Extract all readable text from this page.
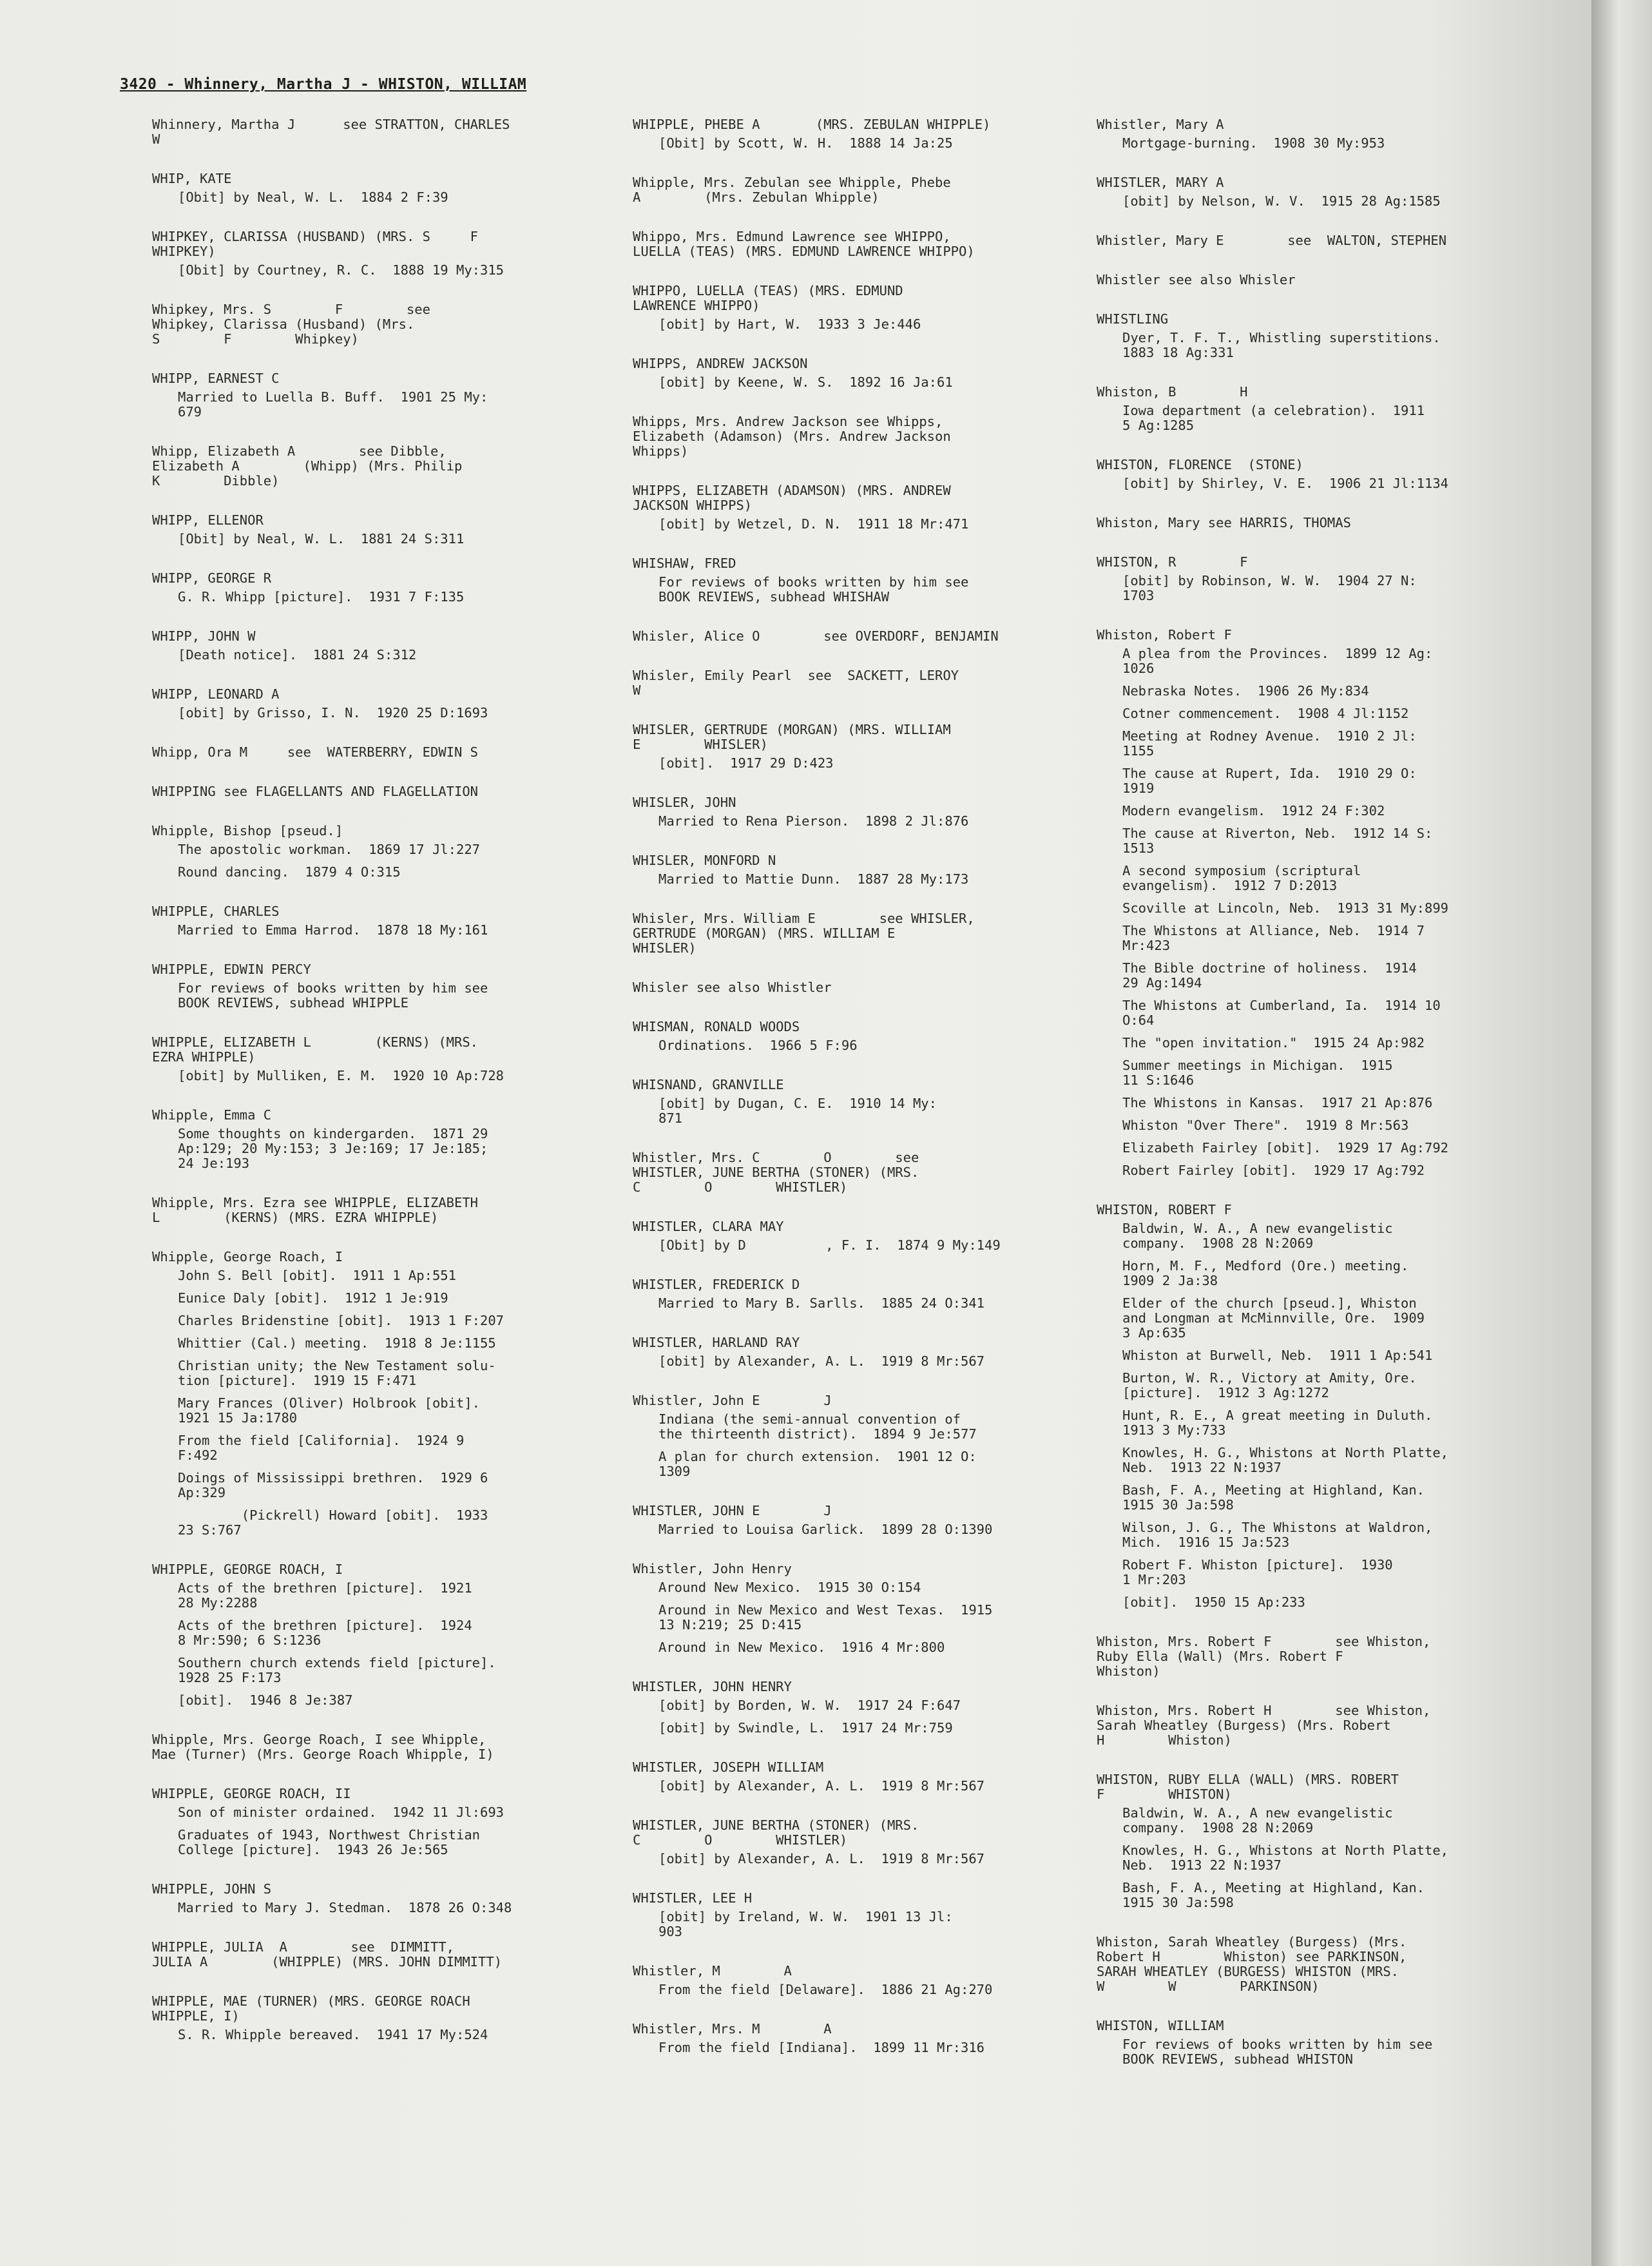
3420 - Whinnery, Martha J - WHISTON, WILLIAM
Whinnery, Martha J      see STRATTON, CHARLES
W
WHIP, KATE
[Obit] by Neal, W. L.  1884 2 F:39
WHIPKEY, CLARISSA (HUSBAND) (MRS. S     F
WHIPKEY)
[Obit] by Courtney, R. C.  1888 19 My:315
Whipkey, Mrs. S        F        see
Whipkey, Clarissa (Husband) (Mrs.
S        F        Whipkey)
WHIPP, EARNEST C
Married to Luella B. Buff.  1901 25 My:
679
Whipp, Elizabeth A        see Dibble,
Elizabeth A        (Whipp) (Mrs. Philip
K        Dibble)
WHIPP, ELLENOR
[Obit] by Neal, W. L.  1881 24 S:311
WHIPP, GEORGE R
G. R. Whipp [picture].  1931 7 F:135
WHIPP, JOHN W
[Death notice].  1881 24 S:312
WHIPP, LEONARD A
[obit] by Grisso, I. N.  1920 25 D:1693
Whipp, Ora M     see  WATERBERRY, EDWIN S
WHIPPING see FLAGELLANTS AND FLAGELLATION
Whipple, Bishop [pseud.]
The apostolic workman.  1869 17 Jl:227
Round dancing.  1879 4 O:315
WHIPPLE, CHARLES
Married to Emma Harrod.  1878 18 My:161
WHIPPLE, EDWIN PERCY
For reviews of books written by him see
BOOK REVIEWS, subhead WHIPPLE
WHIPPLE, ELIZABETH L        (KERNS) (MRS.
EZRA WHIPPLE)
[obit] by Mulliken, E. M.  1920 10 Ap:728
Whipple, Emma C
Some thoughts on kindergarden.  1871 29
Ap:129; 20 My:153; 3 Je:169; 17 Je:185;
24 Je:193
Whipple, Mrs. Ezra see WHIPPLE, ELIZABETH
L        (KERNS) (MRS. EZRA WHIPPLE)
Whipple, George Roach, I
John S. Bell [obit].  1911 1 Ap:551
Eunice Daly [obit].  1912 1 Je:919
Charles Bridenstine [obit].  1913 1 F:207
Whittier (Cal.) meeting.  1918 8 Je:1155
Christian unity; the New Testament solu-
tion [picture].  1919 15 F:471
Mary Frances (Oliver) Holbrook [obit].
1921 15 Ja:1780
From the field [California].  1924 9
F:492
Doings of Mississippi brethren.  1929 6
Ap:329
(Pickrell) Howard [obit].  1933
23 S:767
WHIPPLE, GEORGE ROACH, I
Acts of the brethren [picture].  1921
28 My:2288
Acts of the brethren [picture].  1924
8 Mr:590; 6 S:1236
Southern church extends field [picture].
1928 25 F:173
[obit].  1946 8 Je:387
Whipple, Mrs. George Roach, I see Whipple,
Mae (Turner) (Mrs. George Roach Whipple, I)
WHIPPLE, GEORGE ROACH, II
Son of minister ordained.  1942 11 Jl:693
Graduates of 1943, Northwest Christian
College [picture].  1943 26 Je:565
WHIPPLE, JOHN S
Married to Mary J. Stedman.  1878 26 O:348
WHIPPLE, JULIA  A        see  DIMMITT,
JULIA A        (WHIPPLE) (MRS. JOHN DIMMITT)
WHIPPLE, MAE (TURNER) (MRS. GEORGE ROACH
WHIPPLE, I)
S. R. Whipple bereaved.  1941 17 My:524
WHIPPLE, PHEBE A       (MRS. ZEBULAN WHIPPLE)
[Obit] by Scott, W. H.  1888 14 Ja:25
Whipple, Mrs. Zebulan see Whipple, Phebe
A        (Mrs. Zebulan Whipple)
Whippo, Mrs. Edmund Lawrence see WHIPPO,
LUELLA (TEAS) (MRS. EDMUND LAWRENCE WHIPPO)
WHIPPO, LUELLA (TEAS) (MRS. EDMUND
LAWRENCE WHIPPO)
[obit] by Hart, W.  1933 3 Je:446
WHIPPS, ANDREW JACKSON
[obit] by Keene, W. S.  1892 16 Ja:61
Whipps, Mrs. Andrew Jackson see Whipps,
Elizabeth (Adamson) (Mrs. Andrew Jackson
Whipps)
WHIPPS, ELIZABETH (ADAMSON) (MRS. ANDREW
JACKSON WHIPPS)
[obit] by Wetzel, D. N.  1911 18 Mr:471
WHISHAW, FRED
For reviews of books written by him see
BOOK REVIEWS, subhead WHISHAW
Whisler, Alice O        see OVERDORF, BENJAMIN
Whisler, Emily Pearl  see  SACKETT, LEROY
W
WHISLER, GERTRUDE (MORGAN) (MRS. WILLIAM
E        WHISLER)
[obit].  1917 29 D:423
WHISLER, JOHN
Married to Rena Pierson.  1898 2 Jl:876
WHISLER, MONFORD N
Married to Mattie Dunn.  1887 28 My:173
Whisler, Mrs. William E        see WHISLER,
GERTRUDE (MORGAN) (MRS. WILLIAM E
WHISLER)
Whisler see also Whistler
WHISMAN, RONALD WOODS
Ordinations.  1966 5 F:96
WHISNAND, GRANVILLE
[obit] by Dugan, C. E.  1910 14 My:
871
Whistler, Mrs. C        O        see
WHISTLER, JUNE BERTHA (STONER) (MRS.
C        O        WHISTLER)
WHISTLER, CLARA MAY
[Obit] by D          , F. I.  1874 9 My:149
WHISTLER, FREDERICK D
Married to Mary B. Sarlls.  1885 24 O:341
WHISTLER, HARLAND RAY
[obit] by Alexander, A. L.  1919 8 Mr:567
Whistler, John E        J
Indiana (the semi-annual convention of
the thirteenth district).  1894 9 Je:577
A plan for church extension.  1901 12 O:
1309
WHISTLER, JOHN E        J
Married to Louisa Garlick.  1899 28 O:1390
Whistler, John Henry
Around New Mexico.  1915 30 O:154
Around in New Mexico and West Texas.  1915
13 N:219; 25 D:415
Around in New Mexico.  1916 4 Mr:800
WHISTLER, JOHN HENRY
[obit] by Borden, W. W.  1917 24 F:647
[obit] by Swindle, L.  1917 24 Mr:759
WHISTLER, JOSEPH WILLIAM
[obit] by Alexander, A. L.  1919 8 Mr:567
WHISTLER, JUNE BERTHA (STONER) (MRS.
C        O        WHISTLER)
[obit] by Alexander, A. L.  1919 8 Mr:567
WHISTLER, LEE H
[obit] by Ireland, W. W.  1901 13 Jl:
903
Whistler, M        A
From the field [Delaware].  1886 21 Ag:270
Whistler, Mrs. M        A
From the field [Indiana].  1899 11 Mr:316
Whistler, Mary A
Mortgage-burning.  1908 30 My:953
WHISTLER, MARY A
[obit] by Nelson, W. V.  1915 28 Ag:1585
Whistler, Mary E        see  WALTON, STEPHEN
Whistler see also Whisler
WHISTLING
Dyer, T. F. T., Whistling superstitions.
1883 18 Ag:331
Whiston, B        H
Iowa department (a celebration).  1911
5 Ag:1285
WHISTON, FLORENCE  (STONE)
[obit] by Shirley, V. E.  1906 21 Jl:1134
Whiston, Mary see HARRIS, THOMAS
WHISTON, R        F
[obit] by Robinson, W. W.  1904 27 N:
1703
Whiston, Robert F
A plea from the Provinces.  1899 12 Ag:
1026
Nebraska Notes.  1906 26 My:834
Cotner commencement.  1908 4 Jl:1152
Meeting at Rodney Avenue.  1910 2 Jl:
1155
The cause at Rupert, Ida.  1910 29 O:
1919
Modern evangelism.  1912 24 F:302
The cause at Riverton, Neb.  1912 14 S:
1513
A second symposium (scriptural
evangelism).  1912 7 D:2013
Scoville at Lincoln, Neb.  1913 31 My:899
The Whistons at Alliance, Neb.  1914 7
Mr:423
The Bible doctrine of holiness.  1914
29 Ag:1494
The Whistons at Cumberland, Ia.  1914 10
O:64
The "open invitation."  1915 24 Ap:982
Summer meetings in Michigan.  1915
11 S:1646
The Whistons in Kansas.  1917 21 Ap:876
Whiston "Over There".  1919 8 Mr:563
Elizabeth Fairley [obit].  1929 17 Ag:792
Robert Fairley [obit].  1929 17 Ag:792
WHISTON, ROBERT F
Baldwin, W. A., A new evangelistic
company.  1908 28 N:2069
Horn, M. F., Medford (Ore.) meeting.
1909 2 Ja:38
Elder of the church [pseud.], Whiston
and Longman at McMinnville, Ore.  1909
3 Ap:635
Whiston at Burwell, Neb.  1911 1 Ap:541
Burton, W. R., Victory at Amity, Ore.
[picture].  1912 3 Ag:1272
Hunt, R. E., A great meeting in Duluth.
1913 3 My:733
Knowles, H. G., Whistons at North Platte,
Neb.  1913 22 N:1937
Bash, F. A., Meeting at Highland, Kan.
1915 30 Ja:598
Wilson, J. G., The Whistons at Waldron,
Mich.  1916 15 Ja:523
Robert F. Whiston [picture].  1930
1 Mr:203
[obit].  1950 15 Ap:233
Whiston, Mrs. Robert F        see Whiston,
Ruby Ella (Wall) (Mrs. Robert F
Whiston)
Whiston, Mrs. Robert H        see Whiston,
Sarah Wheatley (Burgess) (Mrs. Robert
H        Whiston)
WHISTON, RUBY ELLA (WALL) (MRS. ROBERT
F        WHISTON)
Baldwin, W. A., A new evangelistic
company.  1908 28 N:2069
Knowles, H. G., Whistons at North Platte,
Neb.  1913 22 N:1937
Bash, F. A., Meeting at Highland, Kan.
1915 30 Ja:598
Whiston, Sarah Wheatley (Burgess) (Mrs.
Robert H        Whiston) see PARKINSON,
SARAH WHEATLEY (BURGESS) WHISTON (MRS.
W        W        PARKINSON)
WHISTON, WILLIAM
For reviews of books written by him see
BOOK REVIEWS, subhead WHISTON
